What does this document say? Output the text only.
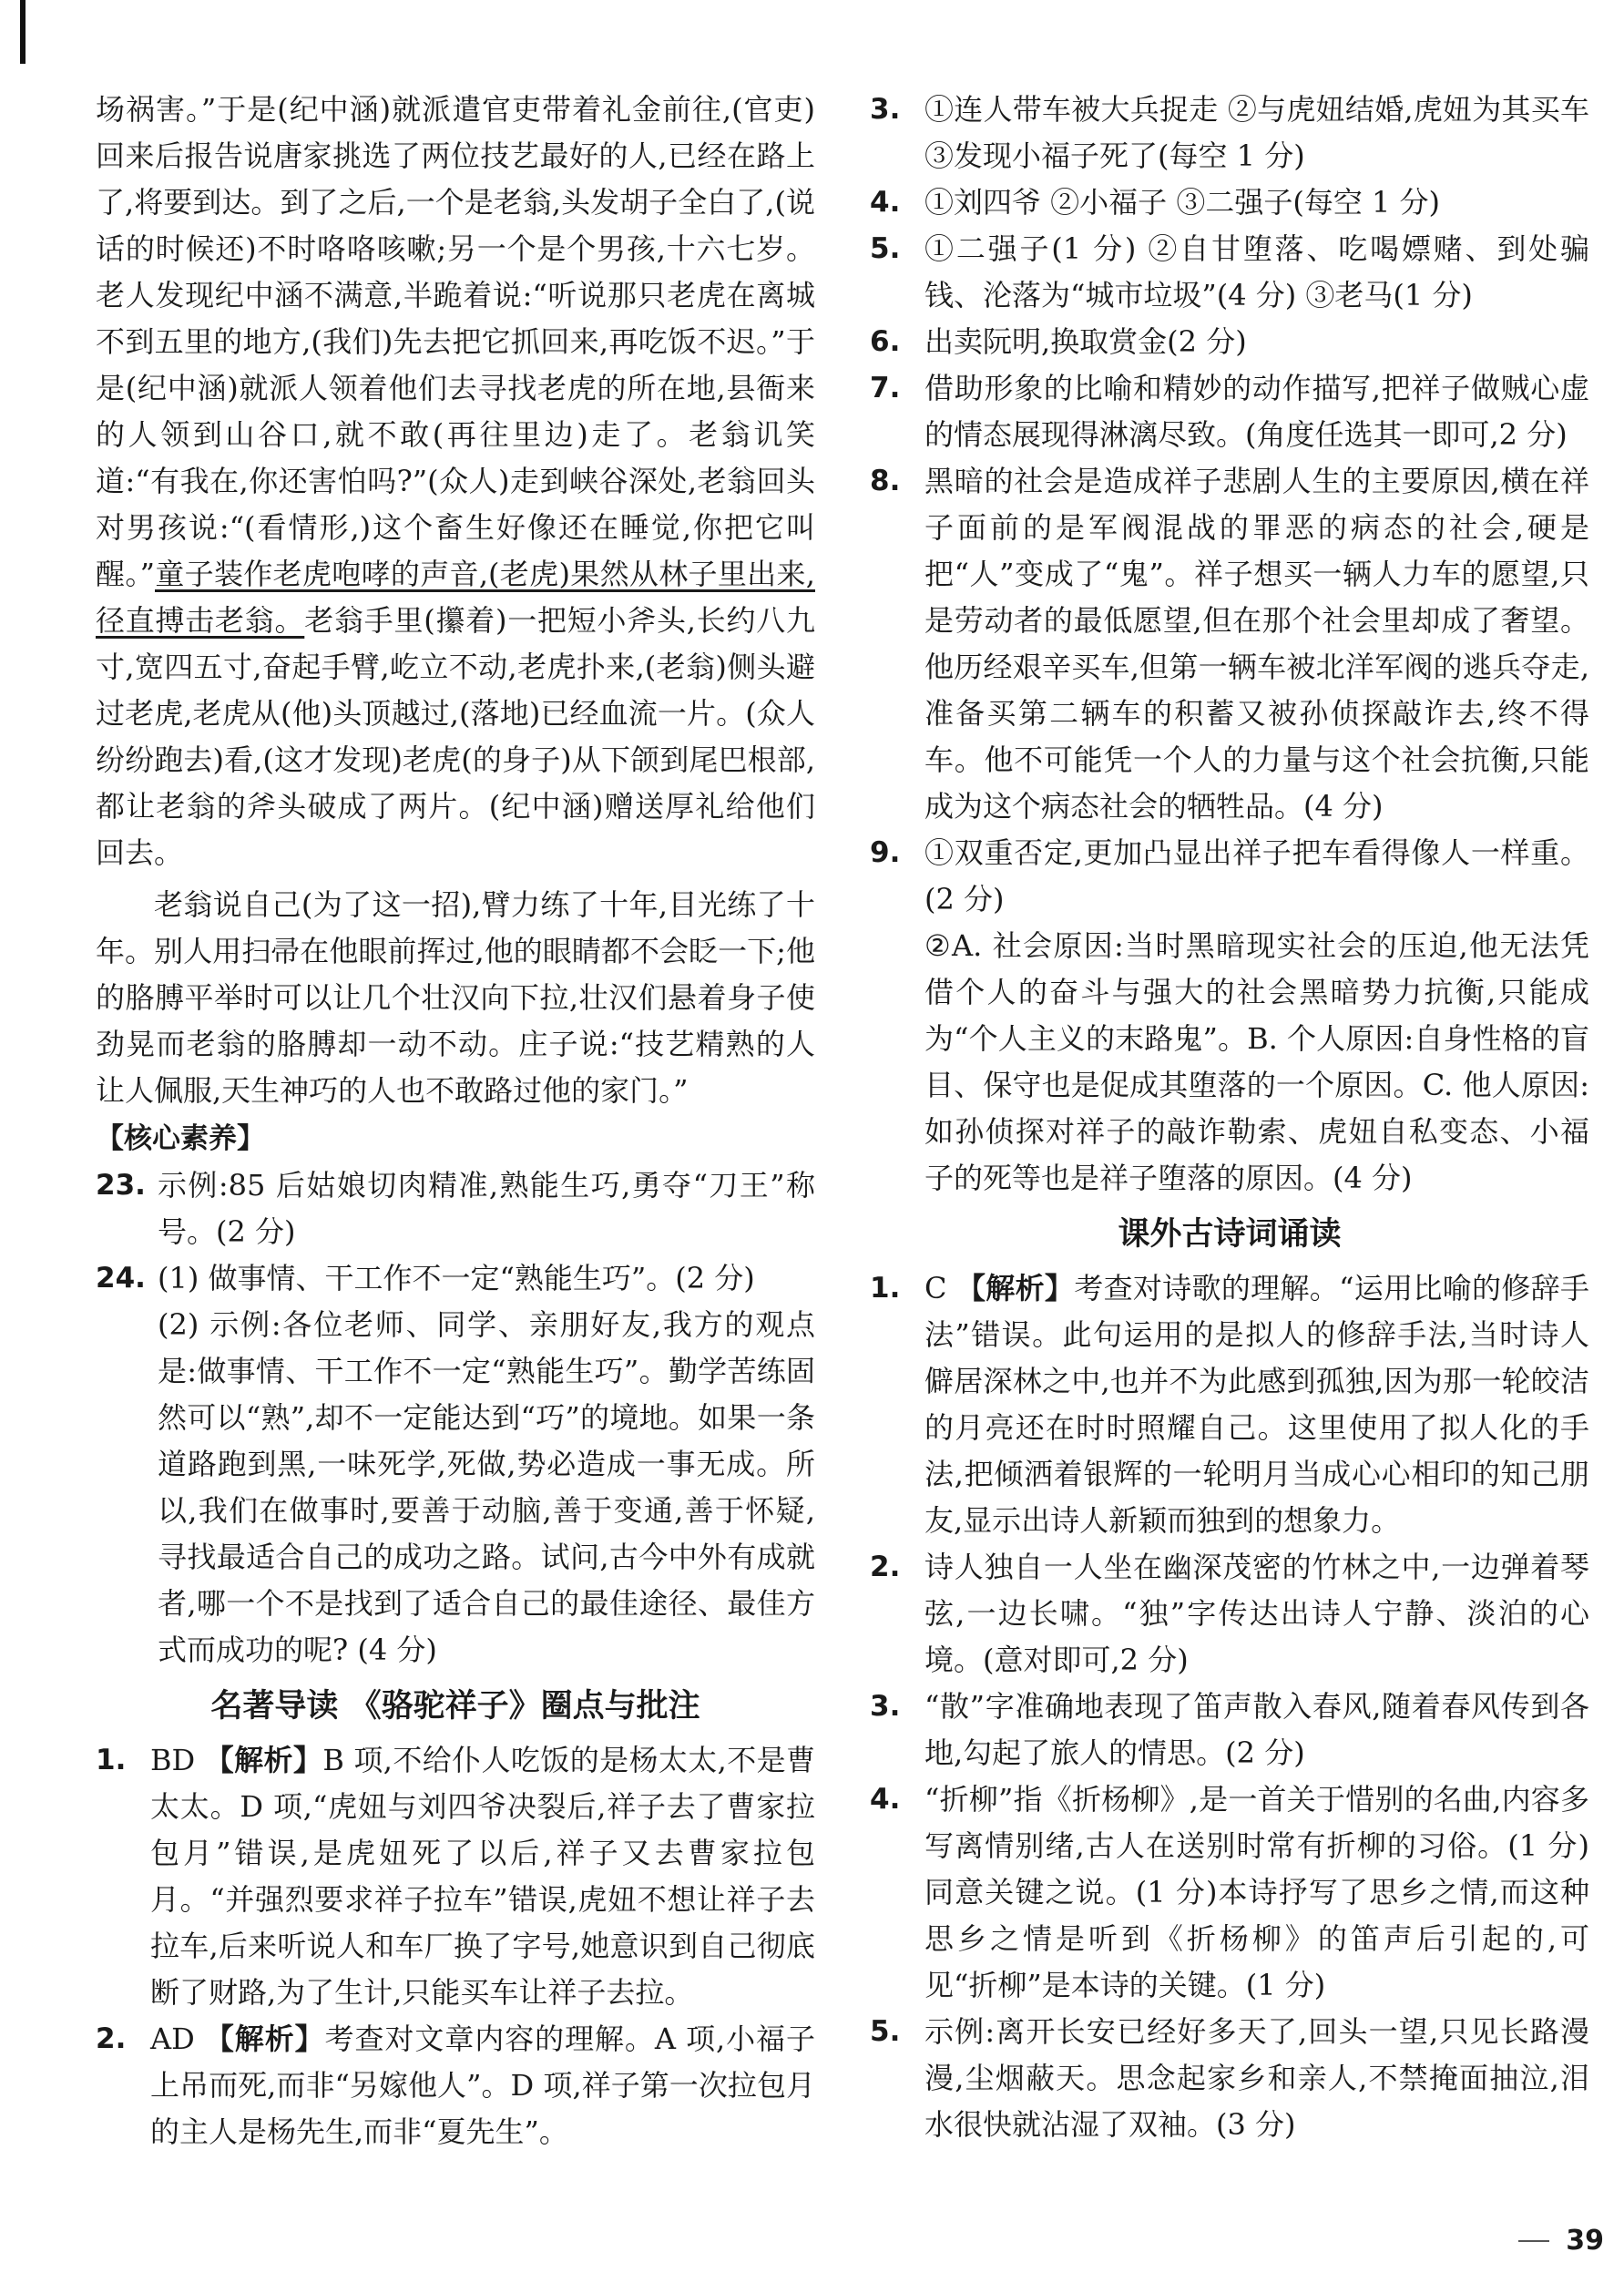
场祸害。”于是(纪中涵)就派遣官吏带着礼金前往,(官吏)回来后报告说唐家挑选了两位技艺最好的人,已经在路上了,将要到达。到了之后,一个是老翁,头发胡子全白了,(说话的时候还)不时咯咯咳嗽;另一个是个男孩,十六七岁。老人发现纪中涵不满意,半跪着说:“听说那只老虎在离城不到五里的地方,(我们)先去把它抓回来,再吃饭不迟。”于是(纪中涵)就派人领着他们去寻找老虎的所在地,县衙来的人领到山谷口,就不敢(再往里边)走了。老翁讥笑道:“有我在,你还害怕吗?”(众人)走到峡谷深处,老翁回头对男孩说:“(看情形,)这个畜生好像还在睡觉,你把它叫醒。”童子装作老虎咆哮的声音,(老虎)果然从林子里出来,径直搏击老翁。老翁手里(攥着)一把短小斧头,长约八九寸,宽四五寸,奋起手臂,屹立不动,老虎扑来,(老翁)侧头避过老虎,老虎从(他)头顶越过,(落地)已经血流一片。(众人纷纷跑去)看,(这才发现)老虎(的身子)从下颌到尾巴根部,都让老翁的斧头破成了两片。(纪中涵)赠送厚礼给他们回去。

老翁说自己(为了这一招),臂力练了十年,目光练了十年。别人用扫帚在他眼前挥过,他的眼睛都不会眨一下;他的胳膊平举时可以让几个壮汉向下拉,壮汉们悬着身子使劲晃而老翁的胳膊却一动不动。庄子说:“技艺精熟的人让人佩服,天生神巧的人也不敢路过他的家门。”

【核心素养】
23. 示例:85 后姑娘切肉精准,熟能生巧,勇夺“刀王”称号。(2 分)
24. (1) 做事情、干工作不一定“熟能生巧”。(2 分)

(2) 示例:各位老师、同学、亲朋好友,我方的观点是:做事情、干工作不一定“熟能生巧”。勤学苦练固然可以“熟”,却不一定能达到“巧”的境地。如果一条道路跑到黑,一味死学,死做,势必造成一事无成。所以,我们在做事时,要善于动脑,善于变通,善于怀疑,寻找最适合自己的成功之路。试问,古今中外有成就者,哪一个不是找到了适合自己的最佳途径、最佳方式而成功的呢? (4 分)

名著导读 《骆驼祥子》圈点与批注
1. BD 【解析】B 项,不给仆人吃饭的是杨太太,不是曹太太。D 项,“虎妞与刘四爷决裂后,祥子去了曹家拉包月”错误,是虎妞死了以后,祥子又去曹家拉包月。“并强烈要求祥子拉车”错误,虎妞不想让祥子去拉车,后来听说人和车厂换了字号,她意识到自己彻底断了财路,为了生计,只能买车让祥子去拉。

2. AD 【解析】考查对文章内容的理解。A 项,小福子上吊而死,而非“另嫁他人”。D 项,祥子第一次拉包月的主人是杨先生,而非“夏先生”。

3. ①连人带车被大兵捉走 ②与虎妞结婚,虎妞为其买车 ③发现小福子死了(每空 1 分)

4. ①刘四爷 ②小福子 ③二强子(每空 1 分)

5. ①二强子(1 分) ②自甘堕落、吃喝嫖赌、到处骗钱、沦落为“城市垃圾”(4 分) ③老马(1 分)

6. 出卖阮明,换取赏金(2 分)

7. 借助形象的比喻和精妙的动作描写,把祥子做贼心虚的情态展现得淋漓尽致。(角度任选其一即可,2 分)

8. 黑暗的社会是造成祥子悲剧人生的主要原因,横在祥子面前的是军阀混战的罪恶的病态的社会,硬是把“人”变成了“鬼”。祥子想买一辆人力车的愿望,只是劳动者的最低愿望,但在那个社会里却成了奢望。他历经艰辛买车,但第一辆车被北洋军阀的逃兵夺走,准备买第二辆车的积蓄又被孙侦探敲诈去,终不得车。他不可能凭一个人的力量与这个社会抗衡,只能成为这个病态社会的牺牲品。(4 分)

9. ①双重否定,更加凸显出祥子把车看得像人一样重。(2 分)

②A. 社会原因:当时黑暗现实社会的压迫,他无法凭借个人的奋斗与强大的社会黑暗势力抗衡,只能成为“个人主义的末路鬼”。B. 个人原因:自身性格的盲目、保守也是促成其堕落的一个原因。C. 他人原因:如孙侦探对祥子的敲诈勒索、虎妞自私变态、小福子的死等也是祥子堕落的原因。(4 分)

课外古诗词诵读
1. C 【解析】考查对诗歌的理解。“运用比喻的修辞手法”错误。此句运用的是拟人的修辞手法,当时诗人僻居深林之中,也并不为此感到孤独,因为那一轮皎洁的月亮还在时时照耀自己。这里使用了拟人化的手法,把倾洒着银辉的一轮明月当成心心相印的知己朋友,显示出诗人新颖而独到的想象力。

2. 诗人独自一人坐在幽深茂密的竹林之中,一边弹着琴弦,一边长啸。“独”字传达出诗人宁静、淡泊的心境。(意对即可,2 分)

3. “散”字准确地表现了笛声散入春风,随着春风传到各地,勾起了旅人的情思。(2 分)

4. “折柳”指《折杨柳》,是一首关于惜别的名曲,内容多写离情别绪,古人在送别时常有折柳的习俗。(1 分)同意关键之说。(1 分)本诗抒写了思乡之情,而这种思乡之情是听到《折杨柳》的笛声后引起的,可见“折柳”是本诗的关键。(1 分)

5. 示例:离开长安已经好多天了,回头一望,只见长路漫漫,尘烟蔽天。思念起家乡和亲人,不禁掩面抽泣,泪水很快就沾湿了双袖。(3 分)

39
